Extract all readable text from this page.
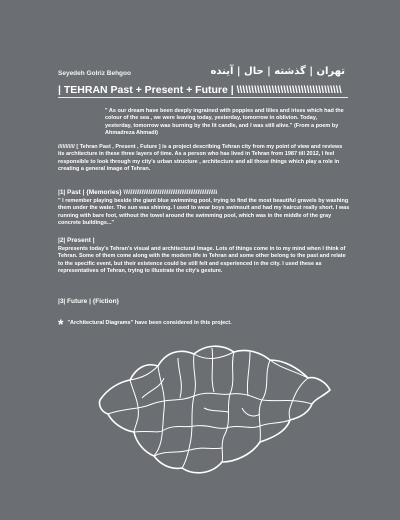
Seyedeh Golriz Behgoo	تهران | گذشته | حال | آینده
| TEHRAN Past + Present + Future | \\\\\\\\\\\\\\\\\\\\\\\\\\\\\\\\\\\\
" As our dream have been deeply ingrained with poppies and lilies and irises which had the colour of the sea , we were leaving today, yesterday, tomorrow in oblivion. Today, yesterday, tomorrow was burning by the lit candle, and I was still alive." (From a poem by Ahmadreza Ahmadi)
/////////// [ Tehran Past , Present , Future ] is a project describing Tehran city from my point of view and reviews its architecture in these three layers of time. As a person who has lived in Tehran from 1987 till 2012, I feel responsible to look through my city's urban structure , architecture and all those things which play a role in creating a general image of Tehran.
|1| Past | {Memories} \\\\\\\\\\\\\\\\\\\\\\\\\\\\\\\\\\\\\\\\\\\\\\\\\\\\
" I remember playing beside the giant blue swimming pool, trying to find the most beautiful gravels by washing them under the water. The sun was shining. I used to wear boys swimsuit and had my haircut really short. I was running with bare foot, without the towel around the swimming pool, which was in the middle of the gray concrete buildings..."
|2| Present |
Represents today's Tehran's visual and architectural image. Lots of things come in to my mind when I think of Tehran. Some of them come along with the modern life in Tehran and some other belong to the past and relate to the specific event, but their existence could be still felt and experienced in the city. I used these as representatives of Tehran, trying to illustrate the city's gesture.
|3| Future | {Fiction}
* "Architectural Diagrams" have been considered in this project.
